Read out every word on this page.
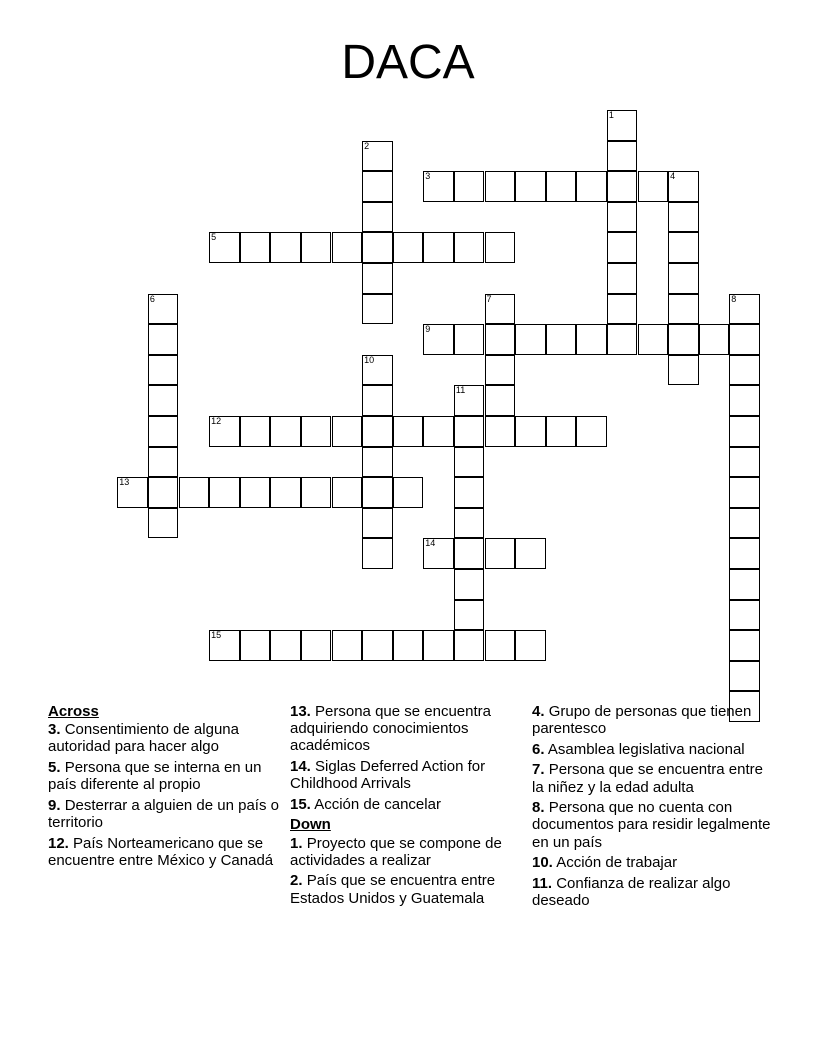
DACA
1
2
3	4
5
6	7	8
9
10
11
12
13
14
15
Across
3. Consentimiento de alguna autoridad para hacer algo
5. Persona que se interna en un país diferente al propio
9. Desterrar a alguien de un país o territorio
12. País Norteamericano que se encuentre entre México y Canadá
13. Persona que se encuentra adquiriendo conocimientos académicos
14. Siglas Deferred Action for Childhood Arrivals
15. Acción de cancelar
Down
1. Proyecto que se compone de actividades a realizar
2. País que se encuentra entre Estados Unidos y Guatemala
4. Grupo de personas que tienen parentesco
6. Asamblea legislativa nacional
7. Persona que se encuentra entre la niñez y la edad adulta
8. Persona que no cuenta con documentos para residir legalmente en un país
10. Acción de trabajar
11. Confianza de realizar algo deseado
